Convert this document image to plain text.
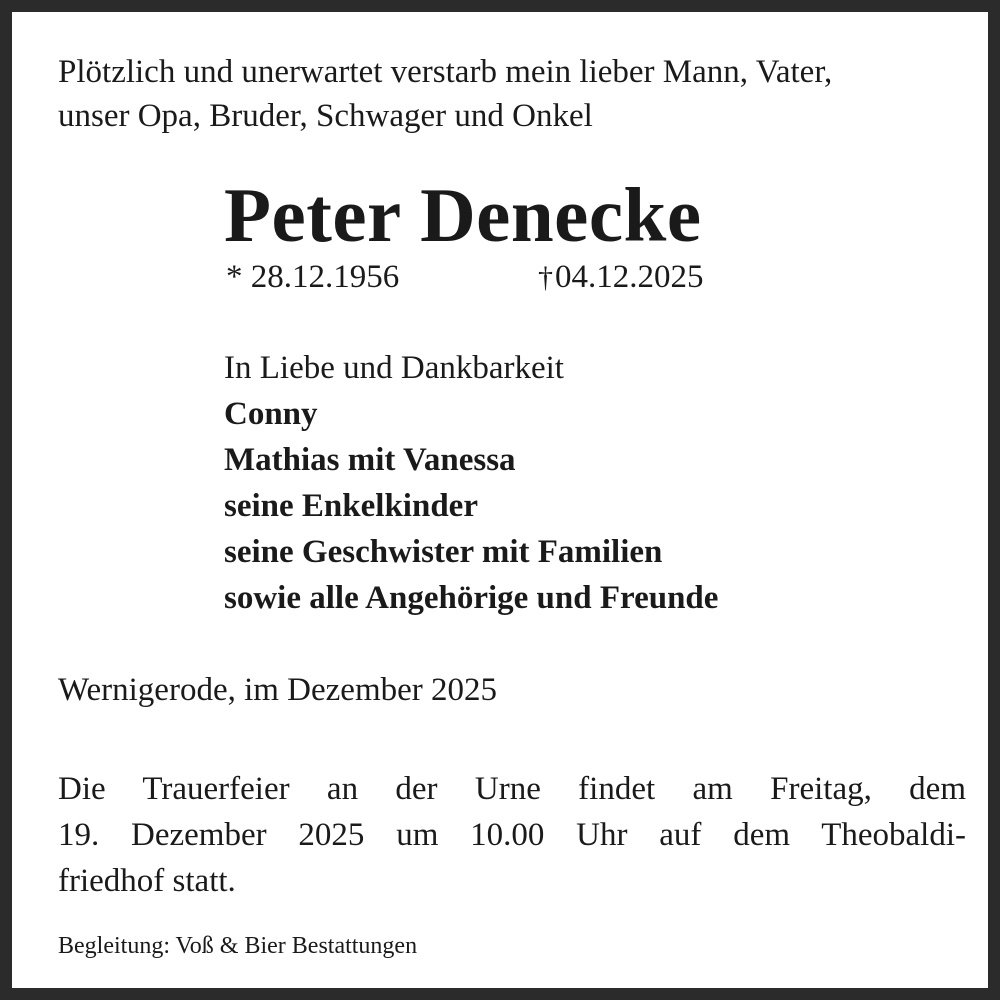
Plötzlich und unerwartet verstarb mein lieber Mann, Vater,
unser Opa, Bruder, Schwager und Onkel
Peter Denecke
* 28.12.1956	†04.12.2025
In Liebe und Dankbarkeit
Conny
Mathias mit Vanessa
seine Enkelkinder
seine Geschwister mit Familien
sowie alle Angehörige und Freunde
Wernigerode, im Dezember 2025
Die Trauerfeier an der Urne findet am Freitag, dem
19. Dezember 2025 um 10.00 Uhr auf dem Theobaldi-
friedhof statt.
Begleitung: Voß & Bier Bestattungen
